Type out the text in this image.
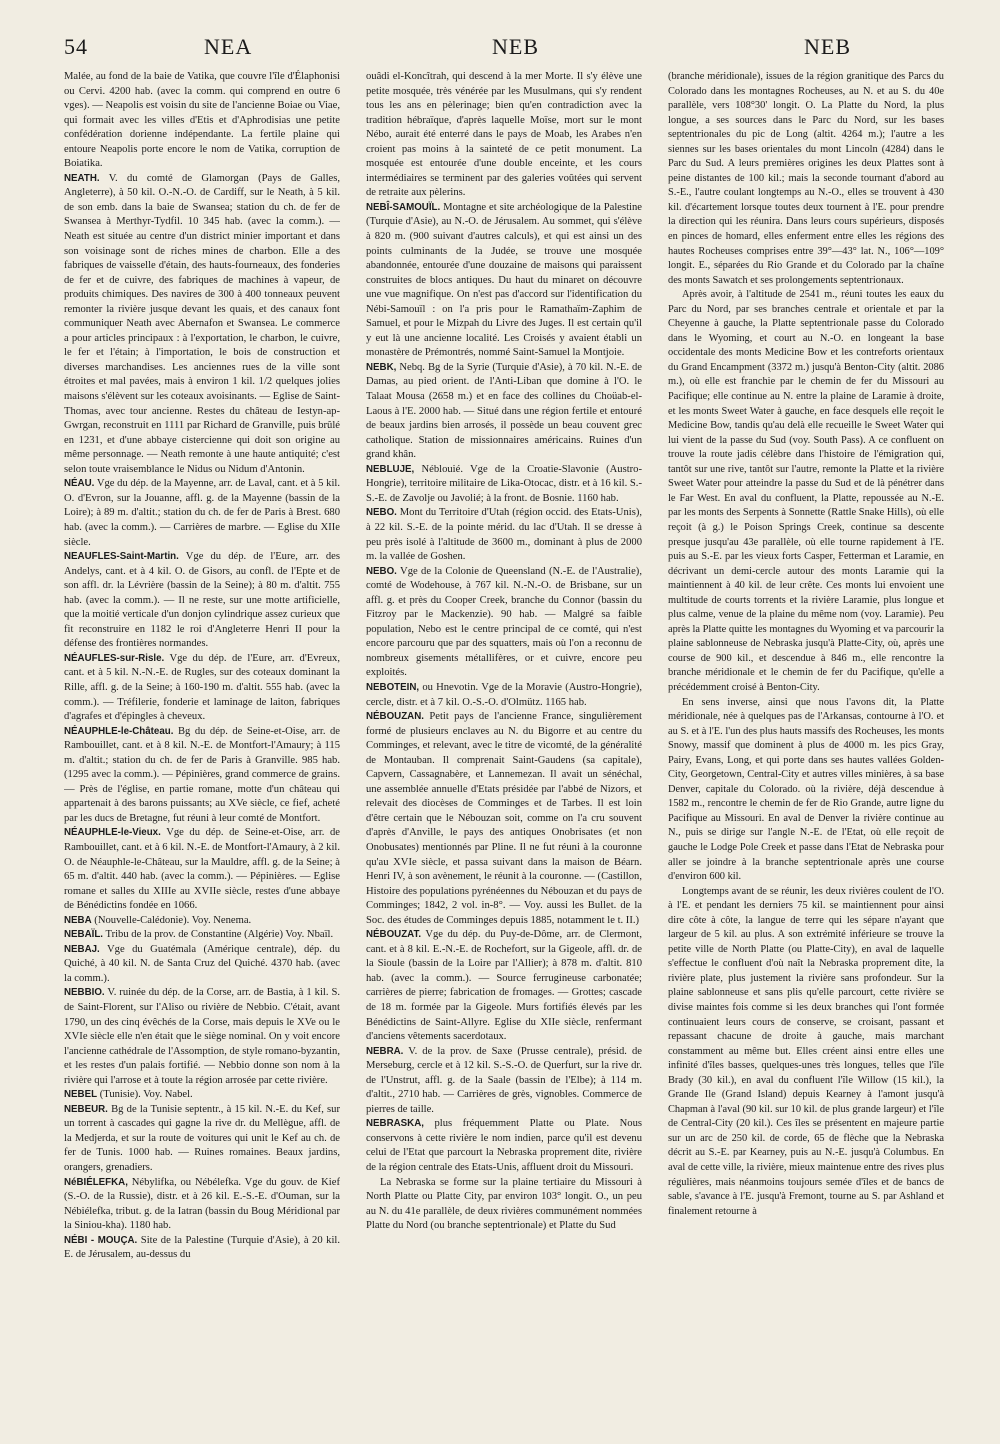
54	NEA	NEB	NEB

Malée, au fond de la baie de Vatika, que couvre l'île d'Élaphonisi ou Cervi. 4200 hab. (avec la comm. qui comprend en outre 6 vges). — Neapolis est voisin du site de l'ancienne Boiae ou Viae, qui formait avec les villes d'Etis et d'Aphrodisias une petite confédération dorienne indépendante. La fertile plaine qui entoure Neapolis porte encore le nom de Vatika, corruption de Boiatika.

NEATH. V. du comté de Glamorgan (Pays de Galles, Angleterre), à 50 kil. O.-N.-O. de Cardiff, sur le Neath, à 5 kil. de son emb. dans la baie de Swansea; station du ch. de fer de Swansea à Merthyr-Tydfil. 10 345 hab. (avec la comm.). — Neath est située au centre d'un district minier important et dans son voisinage sont de riches mines de charbon. Elle a des fabriques de vaisselle d'étain, des hauts-fourneaux, des fonderies de fer et de cuivre, des fabriques de machines à vapeur, de produits chimiques. Des navires de 300 à 400 tonneaux peuvent remonter la rivière jusque devant les quais, et des canaux font communiquer Neath avec Abernafon et Swansea. Le commerce a pour articles principaux : à l'exportation, le charbon, le cuivre, le fer et l'étain; à l'importation, le bois de construction et diverses marchandises. Les anciennes rues de la ville sont étroites et mal pavées, mais à environ 1 kil. 1/2 quelques jolies maisons s'élèvent sur les coteaux avoisinants. — Eglise de Saint-Thomas, avec tour ancienne. Restes du château de Iestyn-ap-Gwrgan, reconstruit en 1111 par Richard de Granville, puis brûlé en 1231, et d'une abbaye cistercienne qui doit son origine au même personnage. — Neath remonte à une haute antiquité; c'est selon toute vraisemblance le Nidus ou Nidum d'Antonin.

NÉAU. Vge du dép. de la Mayenne, arr. de Laval, cant. et à 5 kil. O. d'Evron, sur la Jouanne, affl. g. de la Mayenne (bassin de la Loire); à 89 m. d'altit.; station du ch. de fer de Paris à Brest. 680 hab. (avec la comm.). — Carrières de marbre. — Eglise du XIIe siècle.

NEAUFLES-Saint-Martin. Vge du dép. de l'Eure, arr. des Andelys, cant. et à 4 kil. O. de Gisors, au confl. de l'Epte et de son affl. dr. la Lévrière (bassin de la Seine); à 80 m. d'altit. 755 hab. (avec la comm.). — Il ne reste, sur une motte artificielle, que la moitié verticale d'un donjon cylindrique assez curieux que fit reconstruire en 1182 le roi d'Angleterre Henri II pour la défense des frontières normandes.

NÉAUFLES-sur-Risle. Vge du dép. de l'Eure, arr. d'Evreux, cant. et à 5 kil. N.-N.-E. de Rugles, sur des coteaux dominant la Rille, affl. g. de la Seine; à 160-190 m. d'altit. 555 hab. (avec la comm.). — Tréfilerie, fonderie et laminage de laiton, fabriques d'agrafes et d'épingles à cheveux.

NÉAUPHLE-le-Château. Bg du dép. de Seine-et-Oise, arr. de Rambouillet, cant. et à 8 kil. N.-E. de Montfort-l'Amaury; à 115 m. d'altit.; station du ch. de fer de Paris à Granville. 985 hab. (1295 avec la comm.). — Pépinières, grand commerce de grains. — Près de l'église, en partie romane, motte d'un château qui appartenait à des barons puissants; au XVe siècle, ce fief, acheté par les ducs de Bretagne, fut réuni à leur comté de Montfort.

NÉAUPHLE-le-Vieux. Vge du dép. de Seine-et-Oise, arr. de Rambouillet, cant. et à 6 kil. N.-E. de Montfort-l'Amaury, à 2 kil. O. de Néauphle-le-Château, sur la Mauldre, affl. g. de la Seine; à 65 m. d'altit. 440 hab. (avec la comm.). — Pépinières. — Eglise romane et salles du XIIIe au XVIIe siècle, restes d'une abbaye de Bénédictins fondée en 1066.

NEBA (Nouvelle-Calédonie). Voy. Nenema.

NEBAÏL. Tribu de la prov. de Constantine (Algérie) Voy. Nbaïl.

NEBAJ. Vge du Guatémala (Amérique centrale), dép. du Quiché, à 40 kil. N. de Santa Cruz del Quiché. 4370 hab. (avec la comm.).

NEBBIO. V. ruinée du dép. de la Corse, arr. de Bastia, à 1 kil. S. de Saint-Florent, sur l'Aliso ou rivière de Nebbio. C'était, avant 1790, un des cinq évêchés de la Corse, mais depuis le XVe ou le XVIe siècle elle n'en était que le siège nominal. On y voit encore l'ancienne cathédrale de l'Assomption, de style romano-byzantin, et les restes d'un palais fortifié. — Nebbio donne son nom à la rivière qui l'arrose et à toute la région arrosée par cette rivière.

NEBEL (Tunisie). Voy. Nabel.

NEBEUR. Bg de la Tunisie septentr., à 15 kil. N.-E. du Kef, sur un torrent à cascades qui gagne la rive dr. du Mellègue, affl. de la Medjerda, et sur la route de voitures qui unit le Kef au ch. de fer de Tunis. 1000 hab. — Ruines romaines. Beaux jardins, orangers, grenadiers.

NéBIÉLEFKA, Nébylifka, ou Nébélefka. Vge du gouv. de Kief (S.-O. de la Russie), distr. et à 26 kil. E.-S.-E. d'Ouman, sur la Nébiélefka, tribut. g. de la Iatran (bassin du Boug Méridional par la Siniou-kha). 1180 hab.

NÉBI - MOUÇA. Site de la Palestine (Turquie d'Asie), à 20 kil. E. de Jérusalem, au-dessus du

ouâdi el-Koncîtrah, qui descend à la mer Morte. Il s'y élève une petite mosquée, très vénérée par les Musulmans, qui s'y rendent tous les ans en pèlerinage; bien qu'en contradiction avec la tradition hébraïque, d'après laquelle Moïse, mort sur le mont Nébo, aurait été enterré dans le pays de Moab, les Arabes n'en croient pas moins à la sainteté de ce petit monument. La mosquée est entourée d'une double enceinte, et les cours intermédiaires se terminent par des galeries voûtées qui servent de retraite aux pèlerins.

NEBÎ-SAMOUÏL. Montagne et site archéologique de la Palestine (Turquie d'Asie), au N.-O. de Jérusalem. Au sommet, qui s'élève à 820 m. (900 suivant d'autres calculs), et qui est ainsi un des points culminants de la Judée, se trouve une mosquée abandonnée, entourée d'une douzaine de maisons qui paraissent construites de blocs antiques. Du haut du minaret on découvre une vue magnifique. On n'est pas d'accord sur l'identification du Nébi-Samouïl : on l'a pris pour le Ramathaïm-Zaphim de Samuel, et pour le Mizpah du Livre des Juges. Il est certain qu'il y eut là une ancienne localité. Les Croisés y avaient établi un monastère de Prémontrés, nommé Saint-Samuel la Montjoie.

NEBK, Nebq. Bg de la Syrie (Turquie d'Asie), à 70 kil. N.-E. de Damas, au pied orient. de l'Anti-Liban que domine à l'O. le Talaat Mousa (2658 m.) et en face des collines du Choüab-el-Laous à l'E. 2000 hab. — Situé dans une région fertile et entouré de beaux jardins bien arrosés, il possède un beau couvent grec catholique. Station de missionnaires américains. Ruines d'un grand khân.

NEBLUJE, Néblouié. Vge de la Croatie-Slavonie (Austro-Hongrie), territoire militaire de Lika-Otocac, distr. et à 16 kil. S.-S.-E. de Zavolje ou Javolié; à la front. de Bosnie. 1160 hab.

NEBO. Mont du Territoire d'Utah (région occid. des Etats-Unis), à 22 kil. S.-E. de la pointe mérid. du lac d'Utah. Il se dresse à peu près isolé à l'altitude de 3600 m., dominant à plus de 2000 m. la vallée de Goshen.

NEBO. Vge de la Colonie de Queensland (N.-E. de l'Australie), comté de Wodehouse, à 767 kil. N.-N.-O. de Brisbane, sur un affl. g. et près du Cooper Creek, branche du Connor (bassin du Fitzroy par le Mackenzie). 90 hab. — Malgré sa faible population, Nebo est le centre principal de ce comté, qui n'est encore parcouru que par des squatters, mais où l'on a reconnu de nombreux gisements métallifères, or et cuivre, encore peu exploités.

NEBOTEIN, ou Hnevotin. Vge de la Moravie (Austro-Hongrie), cercle, distr. et à 7 kil. O.-S.-O. d'Olmütz. 1165 hab.

NÉBOUZAN. Petit pays de l'ancienne France, singulièrement formé de plusieurs enclaves au N. du Bigorre et au centre du Comminges, et relevant, avec le titre de vicomté, de la généralité de Montauban. Il comprenait Saint-Gaudens (sa capitale), Capvern, Cassagnabère, et Lannemezan. Il avait un sénéchal, une assemblée annuelle d'Etats présidée par l'abbé de Nizors, et relevait des diocèses de Comminges et de Tarbes. Il est loin d'être certain que le Nébouzan soit, comme on l'a cru souvent d'après d'Anville, le pays des antiques Onobrisates (et non Onobusates) mentionnés par Pline. Il ne fut réuni à la couronne qu'au XVIe siècle, et passa suivant dans la maison de Béarn. Henri IV, à son avènement, le réunit à la couronne. — (Castillon, Histoire des populations pyrénéennes du Nébouzan et du pays de Comminges; 1842, 2 vol. in-8°. — Voy. aussi les Bullet. de la Soc. des études de Comminges depuis 1885, notamment le t. II.)

NÉBOUZAT. Vge du dép. du Puy-de-Dôme, arr. de Clermont, cant. et à 8 kil. E.-N.-E. de Rochefort, sur la Gigeole, affl. dr. de la Sioule (bassin de la Loire par l'Allier); à 878 m. d'altit. 810 hab. (avec la comm.). — Source ferrugineuse carbonatée; carrières de pierre; fabrication de fromages. — Grottes; cascade de 18 m. formée par la Gigeole. Murs fortifiés élevés par les Bénédictins de Saint-Allyre. Eglise du XIIe siècle, renfermant d'anciens vêtements sacerdotaux.

NEBRA. V. de la prov. de Saxe (Prusse centrale), présid. de Merseburg, cercle et à 12 kil. S.-S.-O. de Querfurt, sur la rive dr. de l'Unstrut, affl. g. de la Saale (bassin de l'Elbe); à 114 m. d'altit., 2710 hab. — Carrières de grès, vignobles. Commerce de pierres de taille.

NEBRASKA, plus fréquemment Platte ou Plate. Nous conservons à cette rivière le nom indien, parce qu'il est devenu celui de l'Etat que parcourt la Nebraska proprement dite, rivière de la région centrale des Etats-Unis, affluent droit du Missouri.

La Nebraska se forme sur la plaine tertiaire du Missouri à North Platte ou Platte City, par environ 103° longit. O., un peu au N. du 41e parallèle, de deux rivières communément nommées Platte du Nord (ou branche septentrionale) et Platte du Sud

(branche méridionale), issues de la région granitique des Parcs du Colorado dans les montagnes Rocheuses, au N. et au S. du 40e parallèle, vers 108°30' longit. O. La Platte du Nord, la plus longue, a ses sources dans le Parc du Nord, sur les bases septentrionales du pic de Long (altit. 4264 m.); l'autre a les siennes sur les bases orientales du mont Lincoln (4284) dans le Parc du Sud. A leurs premières origines les deux Plattes sont à peine distantes de 100 kil.; mais la seconde tournant d'abord au S.-E., l'autre coulant longtemps au N.-O., elles se trouvent à 430 kil. d'écartement lorsque toutes deux tournent à l'E. pour prendre la direction qui les réunira. Dans leurs cours supérieurs, disposés en pinces de homard, elles enferment entre elles les régions des hautes Rocheuses comprises entre 39°—43° lat. N., 106°—109° longit. E., séparées du Rio Grande et du Colorado par la chaîne des monts Sawatch et ses prolongements septentrionaux.

Après avoir, à l'altitude de 2541 m., réuni toutes les eaux du Parc du Nord, par ses branches centrale et orientale et par la Cheyenne à gauche, la Platte septentrionale passe du Colorado dans le Wyoming, et court au N.-O. en longeant la base occidentale des monts Medicine Bow et les contreforts orientaux du Grand Encampment (3372 m.) jusqu'à Benton-City (altit. 2086 m.), où elle est franchie par le chemin de fer du Missouri au Pacifique; elle continue au N. entre la plaine de Laramie à droite, et les monts Sweet Water à gauche, en face desquels elle reçoit le Medicine Bow, tandis qu'au delà elle recueille le Sweet Water qui lui vient de la passe du Sud (voy. South Pass). A ce confluent on trouve la route jadis célèbre dans l'histoire de l'émigration qui, tantôt sur une rive, tantôt sur l'autre, remonte la Platte et la rivière Sweet Water pour atteindre la passe du Sud et de là pénétrer dans le Far West. En aval du confluent, la Platte, repoussée au N.-E. par les monts des Serpents à Sonnette (Rattle Snake Hills), où elle reçoit (à g.) le Poison Springs Creek, continue sa descente presque jusqu'au 43e parallèle, où elle tourne rapidement à l'E. puis au S.-E. par les vieux forts Casper, Fetterman et Laramie, en décrivant un demi-cercle autour des monts Laramie qui la maintiennent à 40 kil. de leur crête. Ces monts lui envoient une multitude de courts torrents et la rivière Laramie, plus longue et plus calme, venue de la plaine du même nom (voy. Laramie). Peu après la Platte quitte les montagnes du Wyoming et va parcourir la plaine sablonneuse de Nebraska jusqu'à Platte-City, où, après une course de 900 kil., et descendue à 846 m., elle rencontre la branche méridionale et le chemin de fer du Pacifique, qu'elle a précédemment croisé à Benton-City.

En sens inverse, ainsi que nous l'avons dit, la Platte méridionale, née à quelques pas de l'Arkansas, contourne à l'O. et au S. et à l'E. l'un des plus hauts massifs des Rocheuses, les monts Snowy, massif que dominent à plus de 4000 m. les pics Gray, Pairy, Evans, Long, et qui porte dans ses hautes vallées Golden-City, Georgetown, Central-City et autres villes minières, à sa base Denver, capitale du Colorado. où la rivière, déjà descendue à 1582 m., rencontre le chemin de fer de Rio Grande, autre ligne du Pacifique au Missouri. En aval de Denver la rivière continue au N., puis se dirige sur l'angle N.-E. de l'Etat, où elle reçoit de gauche le Lodge Pole Creek et passe dans l'Etat de Nebraska pour aller se joindre à la branche septentrionale après une course d'environ 600 kil.

Longtemps avant de se réunir, les deux rivières coulent de l'O. à l'E. et pendant les derniers 75 kil. se maintiennent pour ainsi dire côte à côte, la langue de terre qui les sépare n'ayant que largeur de 5 kil. au plus. A son extrémité inférieure se trouve la petite ville de North Platte (ou Platte-City), en aval de laquelle s'effectue le confluent d'où naît la Nebraska proprement dite, la rivière plate, plus justement la rivière sans profondeur. Sur la plaine sablonneuse et sans plis qu'elle parcourt, cette rivière se divise maintes fois comme si les deux branches qui l'ont formée continuaient leurs cours de conserve, se croisant, passant et repassant chacune de droite à gauche, mais marchant constamment au même but. Elles créent ainsi entre elles une infinité d'îles basses, quelques-unes très longues, telles que l'île Brady (30 kil.), en aval du confluent l'île Willow (15 kil.), la Grande Ile (Grand Island) depuis Kearney à l'amont jusqu'à Chapman à l'aval (90 kil. sur 10 kil. de plus grande largeur) et l'île de Central-City (20 kil.). Ces îles se présentent en majeure partie sur un arc de 250 kil. de corde, 65 de flèche que la Nebraska décrit au S.-E. par Kearney, puis au N.-E. jusqu'à Columbus. En aval de cette ville, la rivière, mieux maintenue entre des rives plus régulières, mais néanmoins toujours semée d'îles et de bancs de sable, s'avance à l'E. jusqu'à Fremont, tourne au S. par Ashland et finalement retourne à
